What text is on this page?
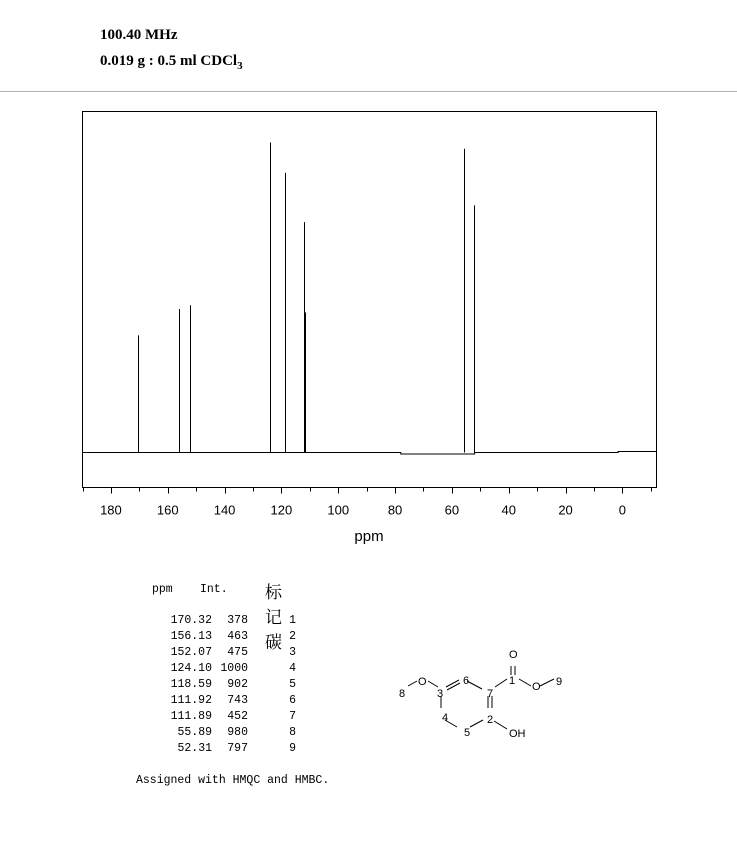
100.40 MHz
0.019 g : 0.5 ml CDCl$_3$
180	160	140	120	100	80	60	40	20	0
ppm
ppm Int. 标记碳
170.32	378	1
156.13	463	2
152.07	475	3
124.10 1000	4
118.59	902	5
111.92	743	6
111.89	452	7
55.89	980	8
52.31	797	9
Assigned with HMQC and HMBC.
8
O
3
6
7
1
O
O 9
4
5
2
OH
